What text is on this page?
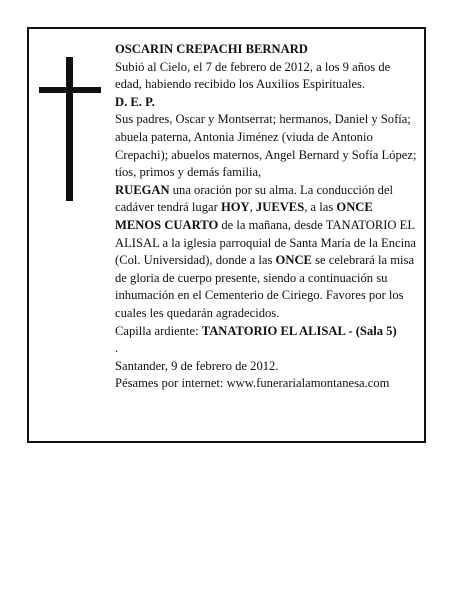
OSCARIN CREPACHI BERNARD

Subió al Cielo, el 7 de febrero de 2012, a los 9 años de edad, habiendo recibido los Auxilios Espirituales.

D. E. P.

Sus padres, Oscar y Montserrat; hermanos, Daniel y Sofía; abuela paterna, Antonia Jiménez (viuda de Antonio Crepachi); abuelos maternos, Angel Bernard y Sofía López; tíos, primos y demás familia,

RUEGAN una oración por su alma. La conducción del cadáver tendrá lugar HOY, JUEVES, a las ONCE MENOS CUARTO de la mañana, desde TANATORIO EL ALISAL a la iglesia parroquial de Santa María de la Encina (Col. Universidad), donde a las ONCE se celebrará la misa de gloria de cuerpo presente, siendo a continuación su inhumación en el Cementerio de Ciriego. Favores por los cuales les quedarán agradecidos.

Capilla ardiente: TANATORIO EL ALISAL - (Sala 5)

.

Santander, 9 de febrero de 2012.

Pésames por internet: www.funerarialamontanesa.com
